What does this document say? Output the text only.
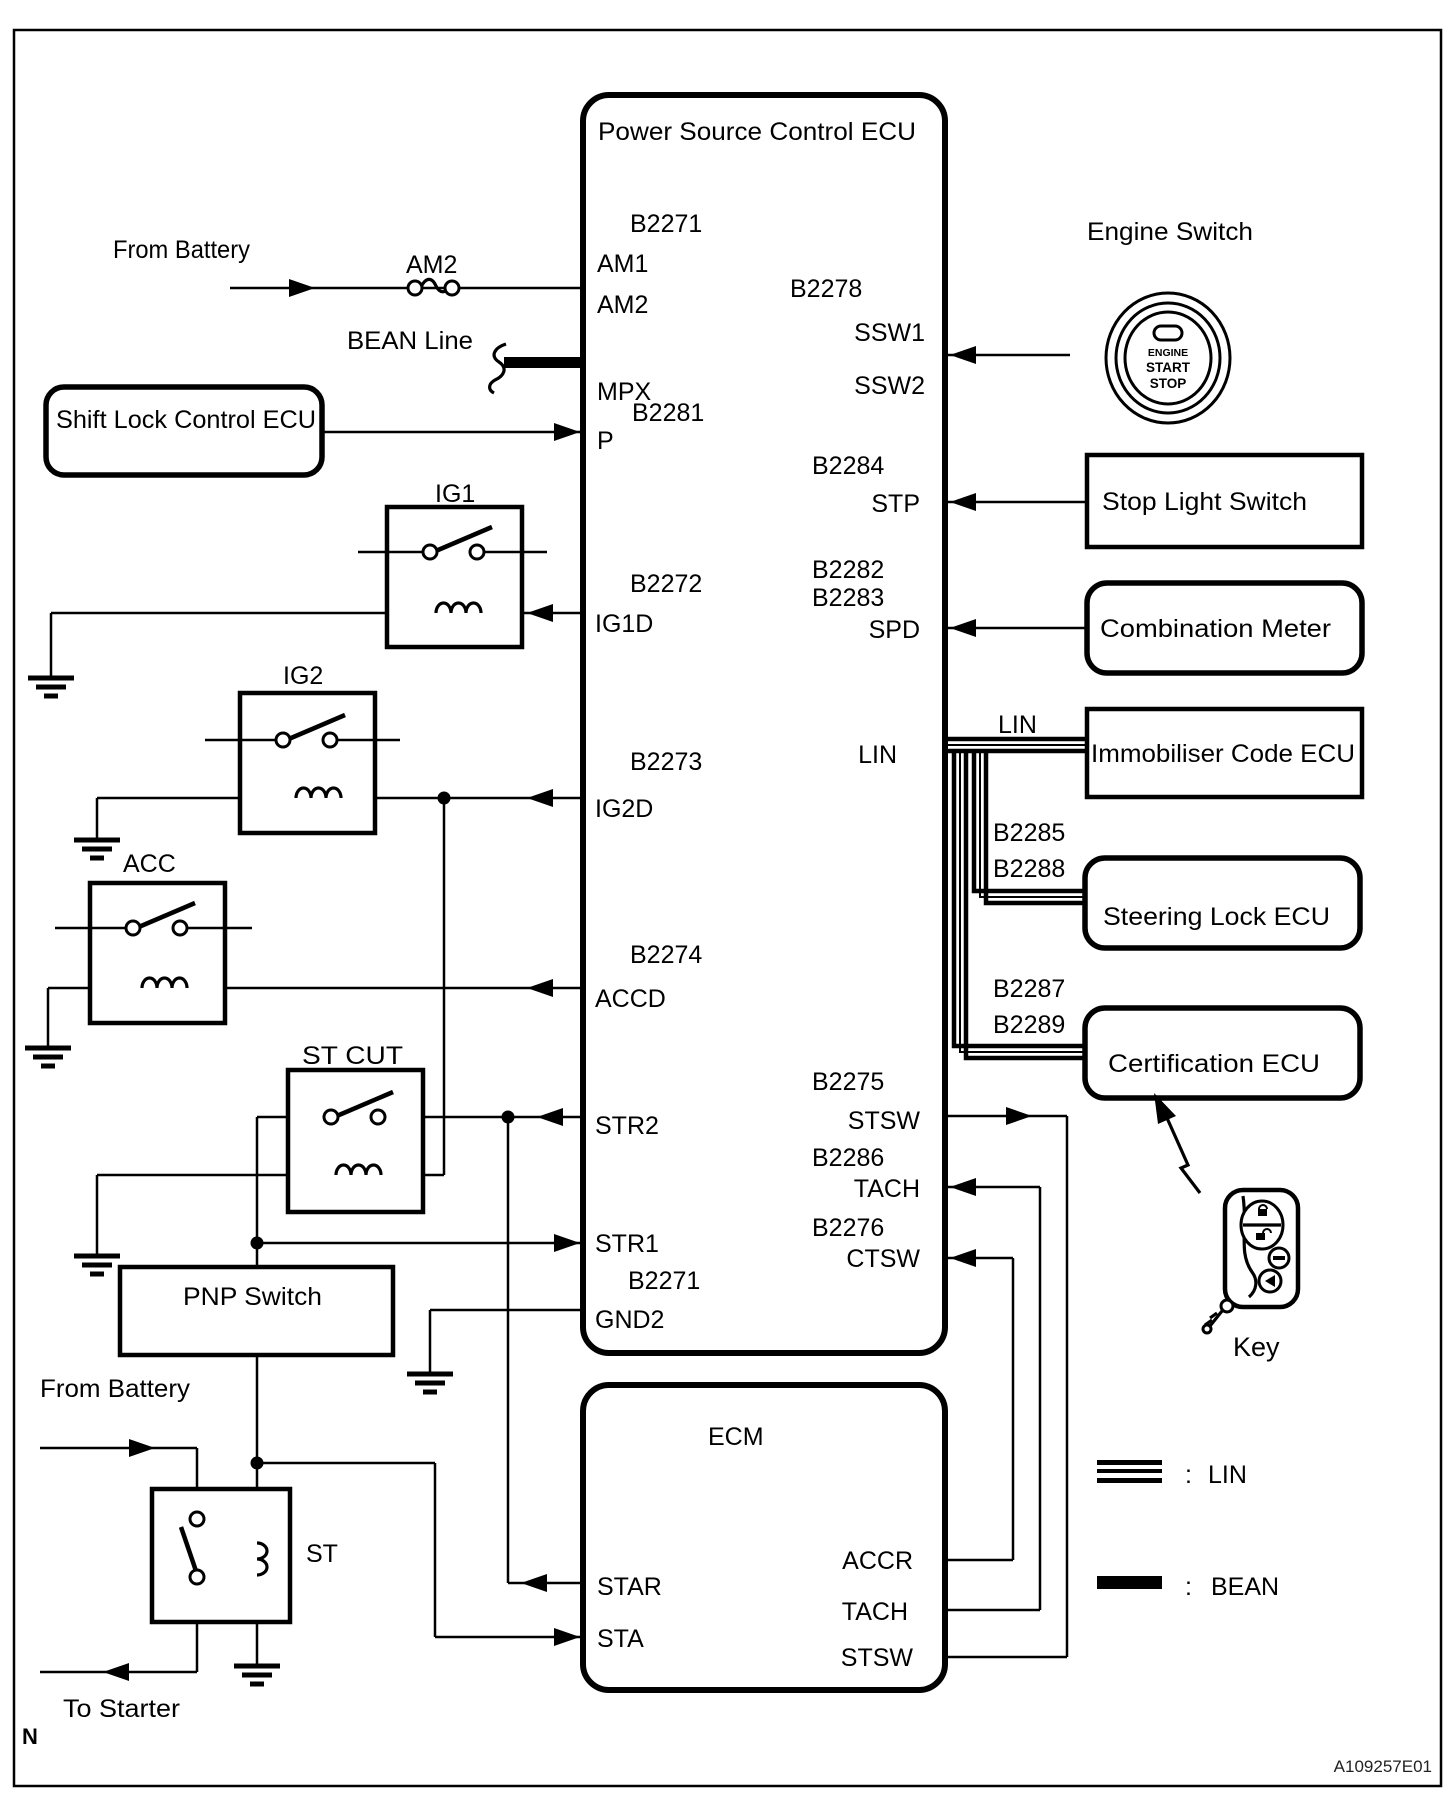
Power Source Control ECU
ECM
Stop Light Switch
Combination Meter
Immobiliser Code ECU
Steering Lock ECU
Certification ECU
Shift Lock Control ECU
PNP Switch
ENGINE
START
STOP
: LIN
: BEAN
B2271
AM1
AM2
MPX
B2281
P
B2272
IG1D
B2273
IG2D
B2274
ACCD
STR2
STR1
B2271
GND2
B2278
SSW1
SSW2
B2284
STP
B2282
B2283
SPD
LIN
B2275
STSW
B2286
TACH
B2276
CTSW
STAR
STA
ACCR
TACH
STSW
From Battery
AM2
BEAN Line
IG1
IG2
ACC
ST CUT
From Battery
ST
To Starter
N
Engine Switch
LIN
B2285
B2288
B2287
B2289
Key
A109257E01
